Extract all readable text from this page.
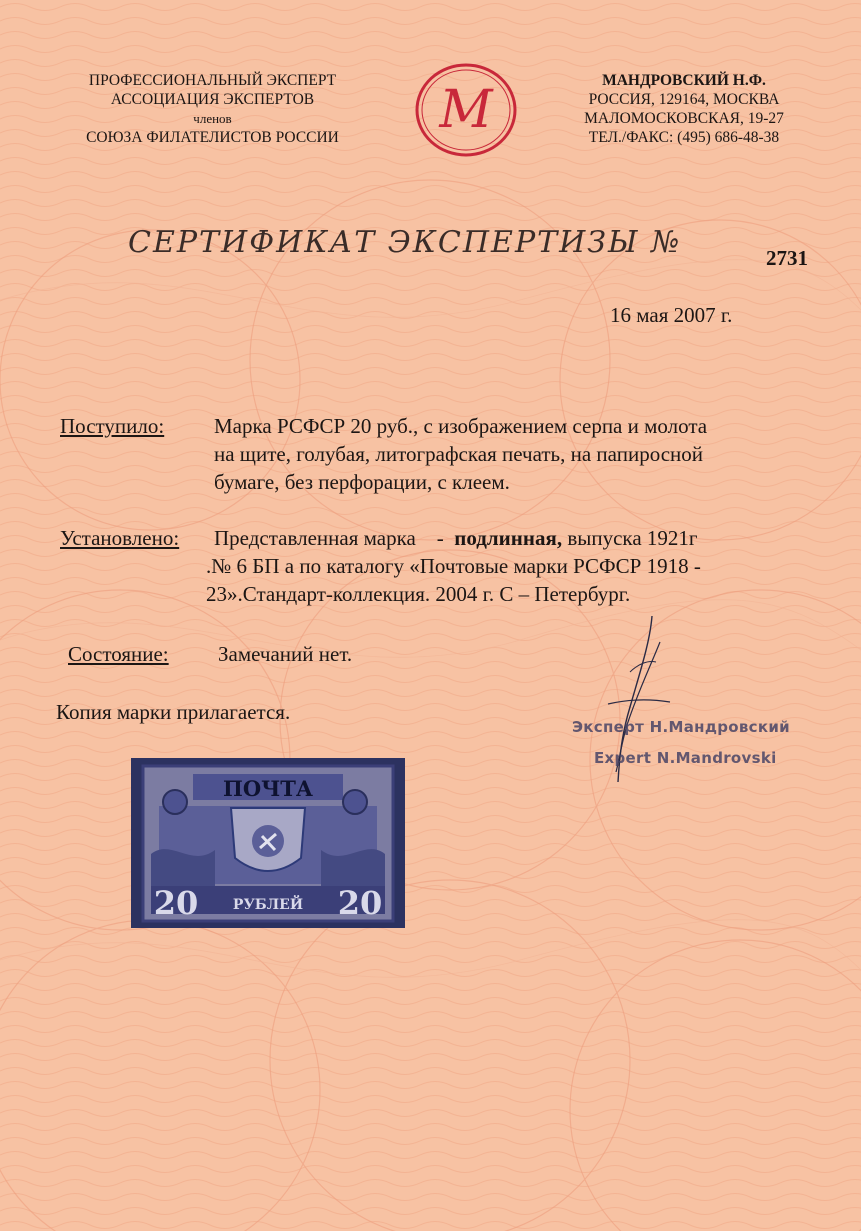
ПРОФЕССИОНАЛЬНЫЙ ЭКСПЕРТ
АССОЦИАЦИЯ ЭКСПЕРТОВ
членов
СОЮЗА ФИЛАТЕЛИСТОВ РОССИИ	М	МАНДРОВСКИЙ Н.Ф.
РОССИЯ, 129164, МОСКВА
МАЛОМОСКОВСКАЯ, 19-27
ТЕЛ./ФАКС: (495) 686-48-38
СЕРТИФИКАТ ЭКСПЕРТИЗЫ №	2731
16 мая 2007 г.
Поступило: Марка РСФСР 20 руб., с изображением серпа и молота
на щите, голубая, литографская печать, на папиросной
бумаге, без перфорации, с клеем.
Установлено: Представленная марка    -  подлинная, выпуска 1921г
.№ 6 БП а по каталогу «Почтовые марки РСФСР 1918 -
23».Стандарт-коллекция. 2004 г. С – Петербург.
Состояние: Замечаний нет.
Копия марки прилагается.
Эксперт Н.Мандровский
Expert N.Mandrovski
ПОЧТА
20	20
РУБЛЕЙ
